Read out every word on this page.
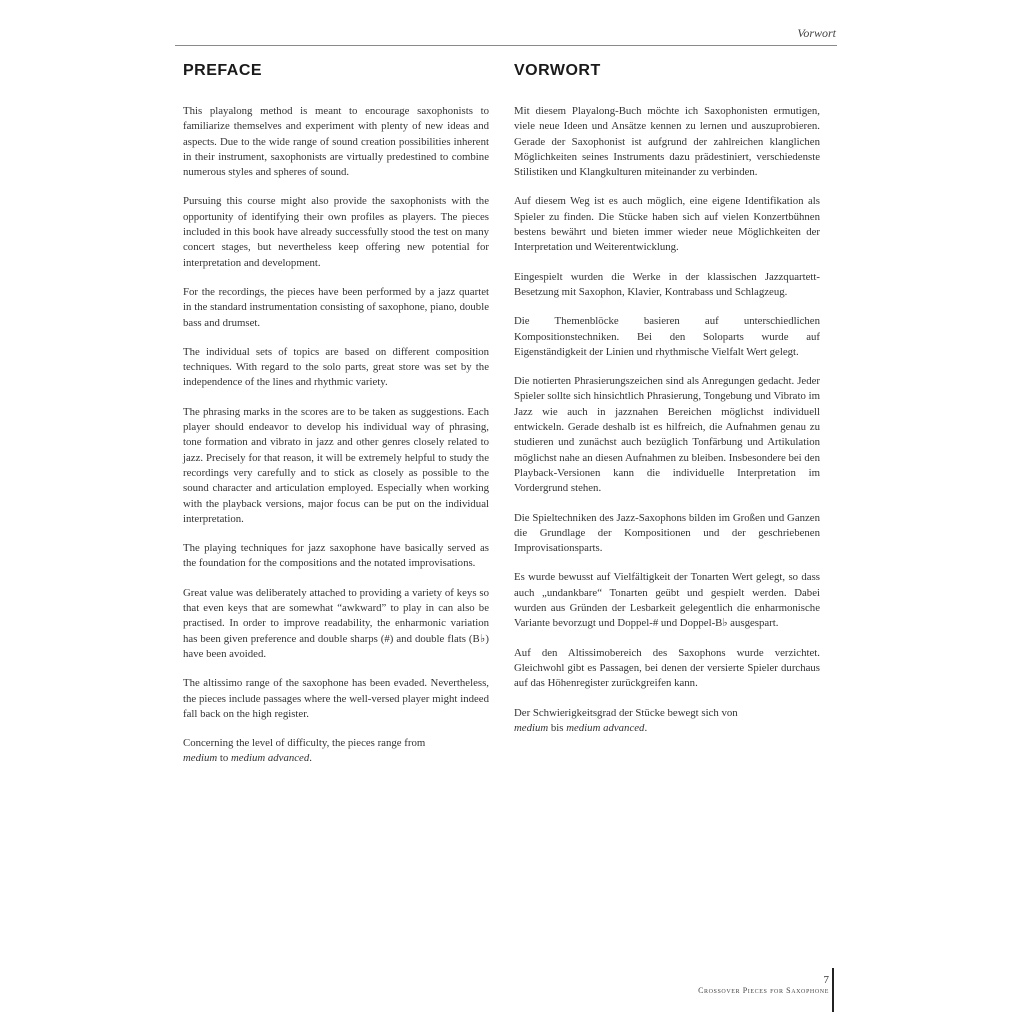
Vorwort
PREFACE

This playalong method is meant to encourage saxophonists to familiarize themselves and experiment with plenty of new ideas and aspects. Due to the wide range of sound creation possibilities inherent in their instrument, saxophonists are virtually predestined to combine numerous styles and spheres of sound.

Pursuing this course might also provide the saxophonists with the opportunity of identifying their own profiles as players. The pieces included in this book have already successfully stood the test on many concert stages, but nevertheless keep offering new potential for interpretation and development.

For the recordings, the pieces have been performed by a jazz quartet in the standard instrumentation consisting of saxophone, piano, double bass and drumset.

The individual sets of topics are based on different composition techniques. With regard to the solo parts, great store was set by the independence of the lines and rhythmic variety.

The phrasing marks in the scores are to be taken as suggestions. Each player should endeavor to develop his individual way of phrasing, tone formation and vibrato in jazz and other genres closely related to jazz. Precisely for that reason, it will be extremely helpful to study the recordings very carefully and to stick as closely as possible to the sound character and articulation employed. Especially when working with the playback versions, major focus can be put on the individual interpretation.

The playing techniques for jazz saxophone have basically served as the foundation for the compositions and the notated improvisations.

Great value was deliberately attached to providing a variety of keys so that even keys that are somewhat “awkward” to play in can also be practised. In order to improve readability, the enharmonic variation has been given preference and double sharps (#) and double flats (B♭) have been avoided.

The altissimo range of the saxophone has been evaded. Nevertheless, the pieces include passages where the well-versed player might indeed fall back on the high register.

Concerning the level of difficulty, the pieces range from
medium to medium advanced.

VORWORT

Mit diesem Playalong-Buch möchte ich Saxophonisten ermutigen, viele neue Ideen und Ansätze kennen zu lernen und auszuprobieren. Gerade der Saxophonist ist aufgrund der zahlreichen klanglichen Möglichkeiten seines Instruments dazu prädestiniert, verschiedenste Stilistiken und Klangkulturen miteinander zu verbinden.

Auf diesem Weg ist es auch möglich, eine eigene Identifikation als Spieler zu finden. Die Stücke haben sich auf vielen Konzertbühnen bestens bewährt und bieten immer wieder neue Möglichkeiten der Interpretation und Weiterentwicklung.

Eingespielt wurden die Werke in der klassischen Jazzquartett-Besetzung mit Saxophon, Klavier, Kontrabass und Schlagzeug.

Die Themenblöcke basieren auf unterschiedlichen Kompositionstechniken. Bei den Soloparts wurde auf Eigenständigkeit der Linien und rhythmische Vielfalt Wert gelegt.

Die notierten Phrasierungszeichen sind als Anregungen gedacht. Jeder Spieler sollte sich hinsichtlich Phrasierung, Tongebung und Vibrato im Jazz wie auch in jazznahen Bereichen möglichst individuell entwickeln. Gerade deshalb ist es hilfreich, die Aufnahmen genau zu studieren und zunächst auch bezüglich Tonfärbung und Artikulation möglichst nahe an diesen Aufnahmen zu bleiben. Insbesondere bei den Playback-Versionen kann die individuelle Interpretation im Vordergrund stehen.

Die Spieltechniken des Jazz-Saxophons bilden im Großen und Ganzen die Grundlage der Kompositionen und der geschriebenen Improvisationsparts.

Es wurde bewusst auf Vielfältigkeit der Tonarten Wert gelegt, so dass auch „undankbare“ Tonarten geübt und gespielt werden. Dabei wurden aus Gründen der Lesbarkeit gelegentlich die enharmonische Variante bevorzugt und Doppel-# und Doppel-B♭ ausgespart.

Auf den Altissimobereich des Saxophons wurde verzichtet. Gleichwohl gibt es Passagen, bei denen der versierte Spieler durchaus auf das Höhenregister zurückgreifen kann.

Der Schwierigkeitsgrad der Stücke bewegt sich von
medium bis medium advanced.

7
Crossover Pieces for Saxophone
